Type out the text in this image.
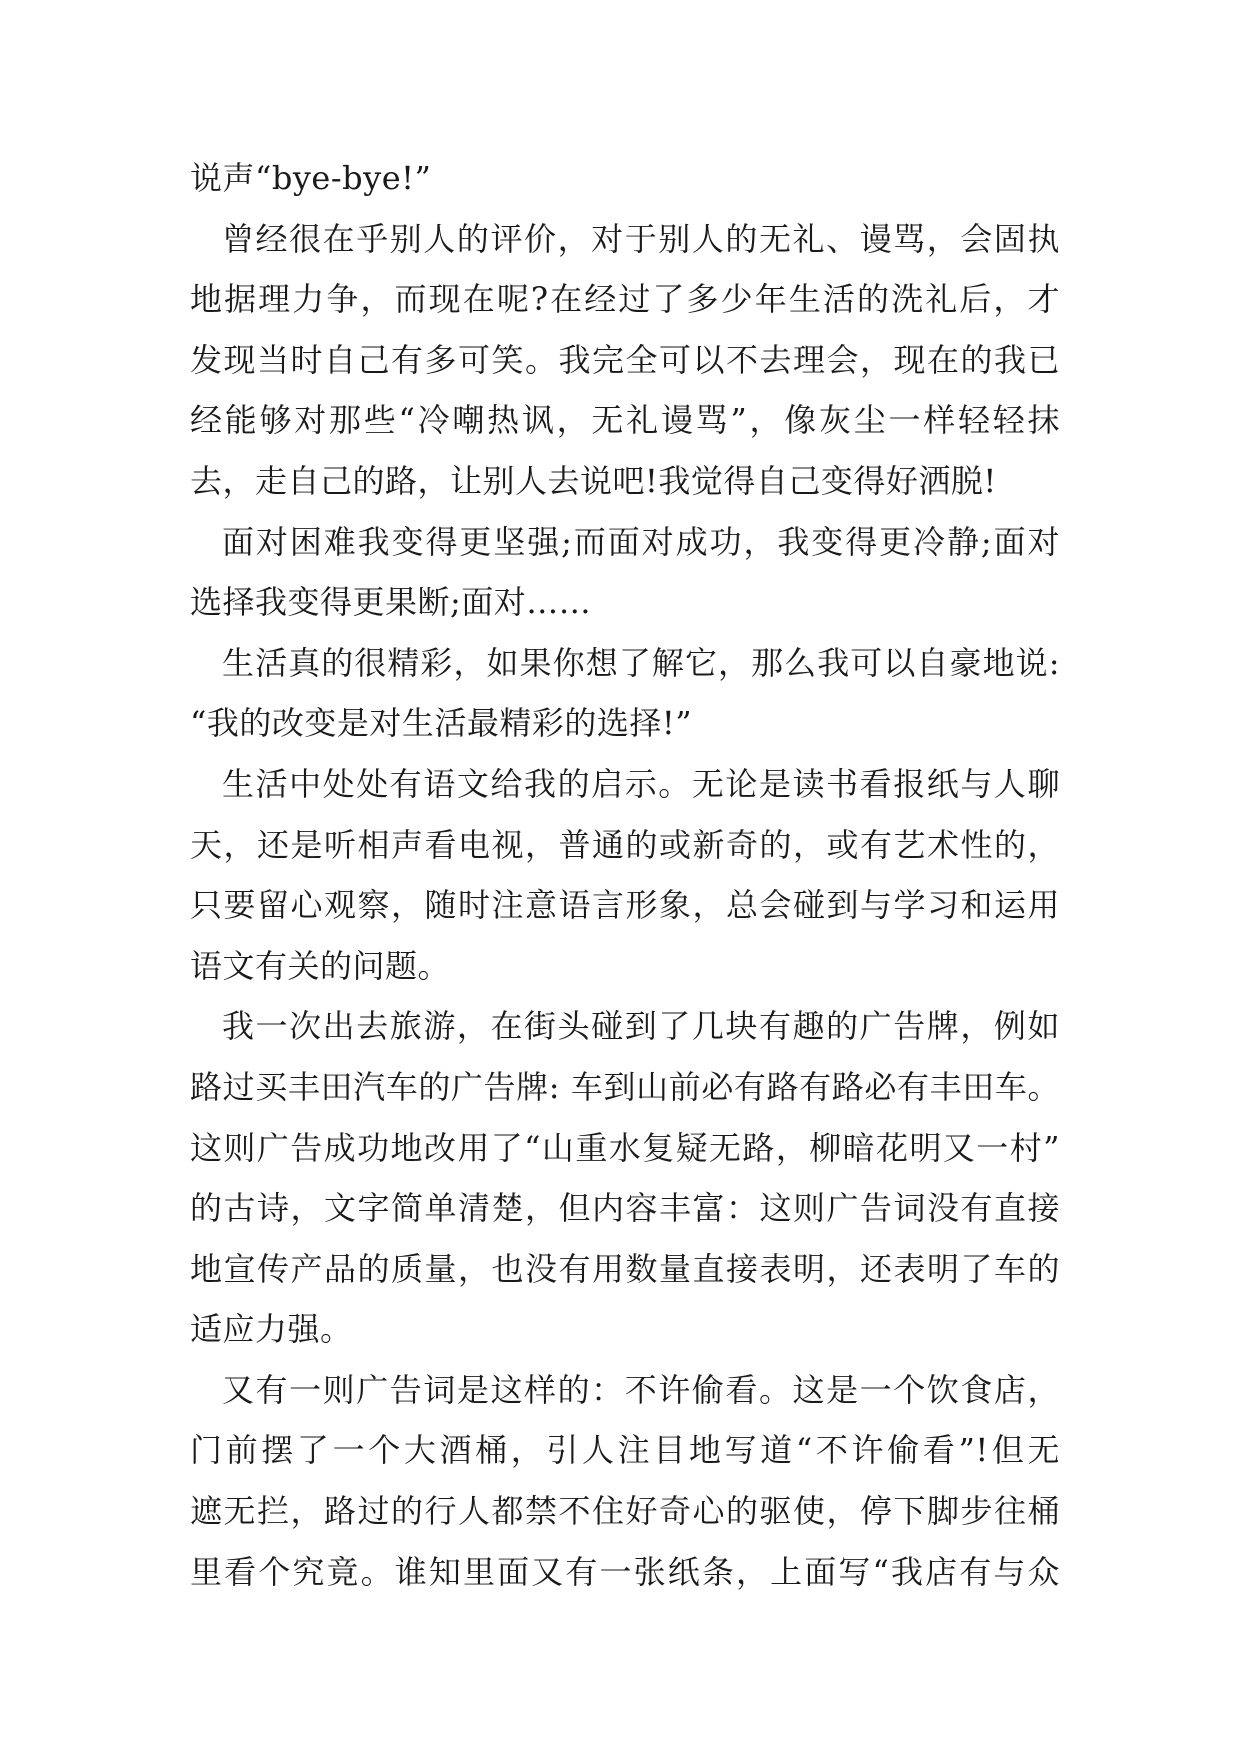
说声“bye-bye!”
曾经很在乎别人的评价，对于别人的无礼、谩骂，会固执
地据理力争，而现在呢?在经过了多少年生活的洗礼后，才
发现当时自己有多可笑。我完全可以不去理会，现在的我已
经能够对那些“冷嘲热讽，无礼谩骂”，像灰尘一样轻轻抹
去，走自己的路，让别人去说吧!我觉得自己变得好洒脱!
面对困难我变得更坚强;而面对成功，我变得更冷静;面对
选择我变得更果断;面对……
生活真的很精彩，如果你想了解它，那么我可以自豪地说:
“我的改变是对生活最精彩的选择!”
生活中处处有语文给我的启示。无论是读书看报纸与人聊
天，还是听相声看电视，普通的或新奇的，或有艺术性的，
只要留心观察，随时注意语言形象，总会碰到与学习和运用
语文有关的问题。
我一次出去旅游，在街头碰到了几块有趣的广告牌，例如
路过买丰田汽车的广告牌: 车到山前必有路有路必有丰田车。
这则广告成功地改用了“山重水复疑无路，柳暗花明又一村”
的古诗，文字简单清楚，但内容丰富：这则广告词没有直接
地宣传产品的质量，也没有用数量直接表明，还表明了车的
适应力强。
又有一则广告词是这样的：不许偷看。这是一个饮食店，
门前摆了一个大酒桶，引人注目地写道“不许偷看”!但无
遮无拦，路过的行人都禁不住好奇心的驱使，停下脚步往桶
里看个究竟。谁知里面又有一张纸条，上面写“我店有与众
